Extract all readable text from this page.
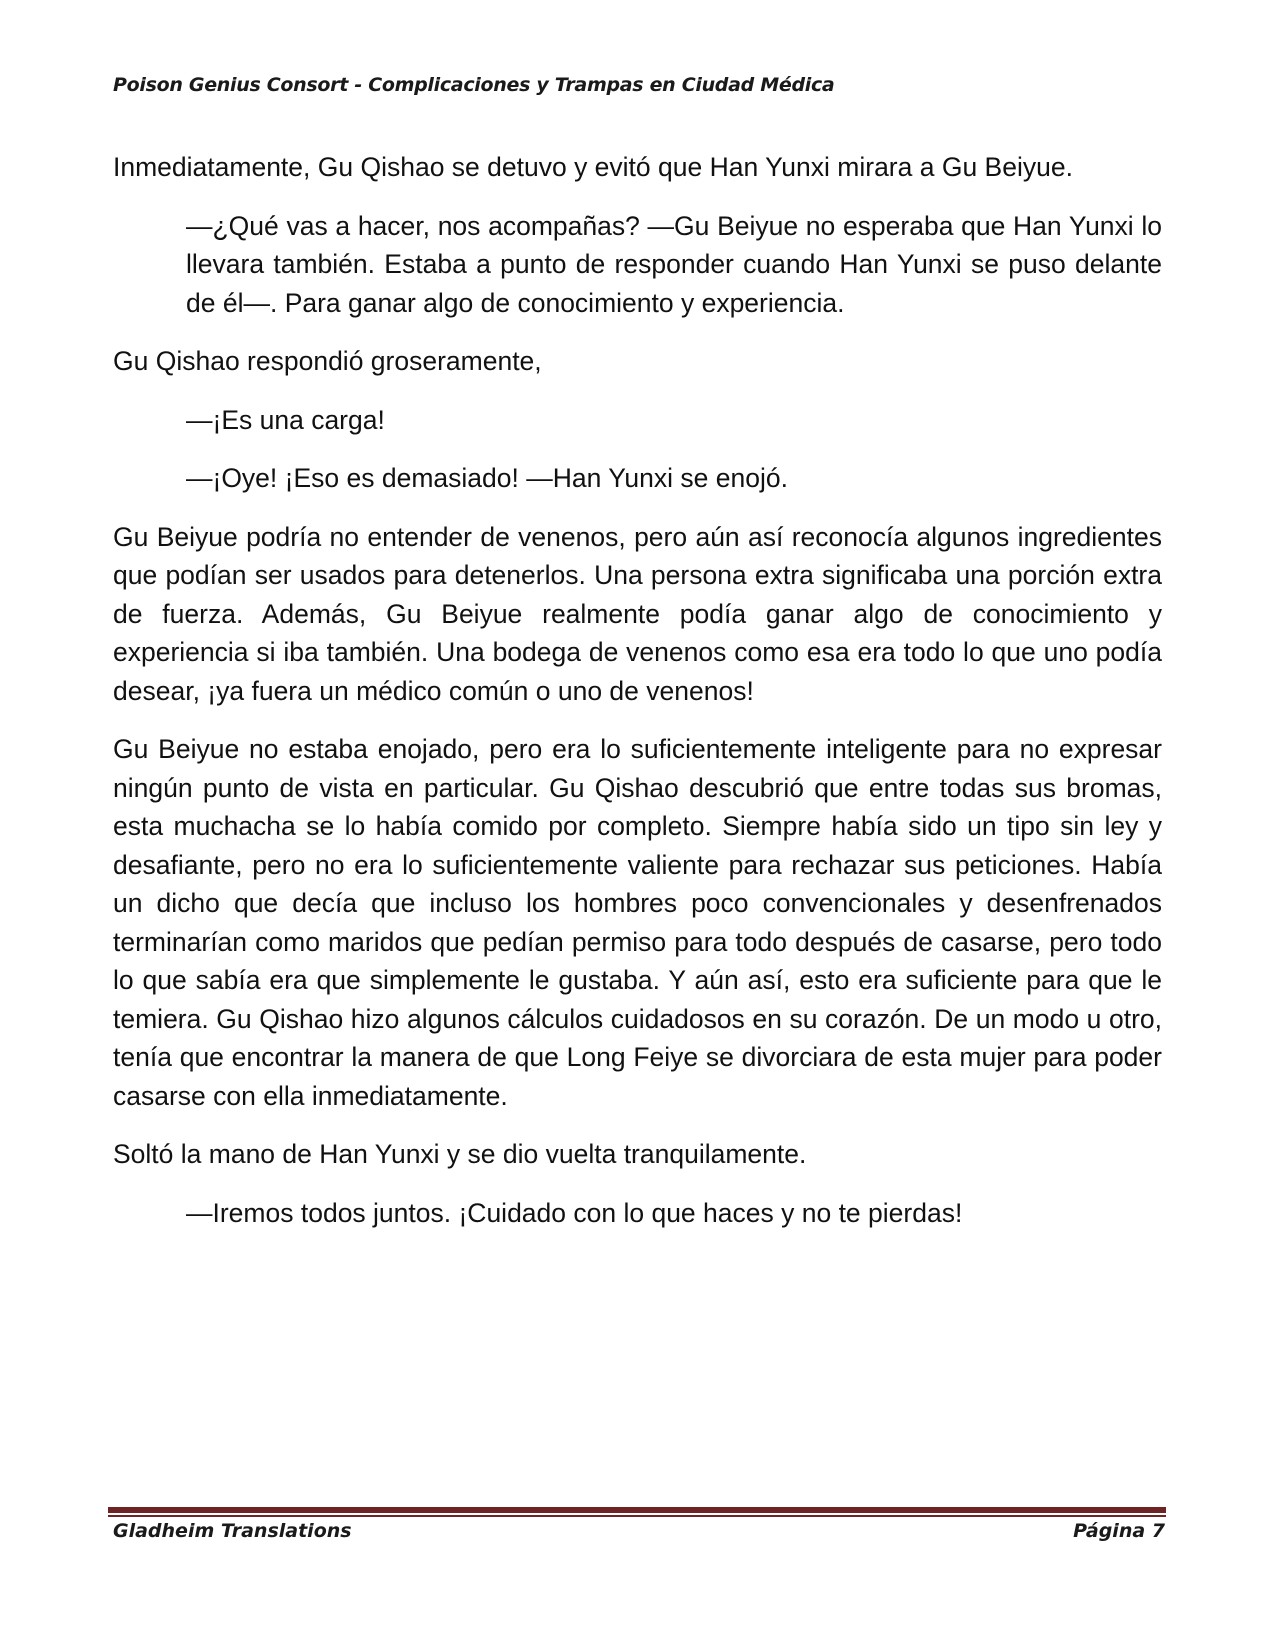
Poison Genius Consort - Complicaciones y Trampas en Ciudad Médica

Inmediatamente, Gu Qishao se detuvo y evitó que Han Yunxi mirara a Gu Beiyue.

—¿Qué vas a hacer, nos acompañas? —Gu Beiyue no esperaba que Han Yunxi lo llevara también. Estaba a punto de responder cuando Han Yunxi se puso delante de él—. Para ganar algo de conocimiento y experiencia.

Gu Qishao respondió groseramente,

—¡Es una carga!

—¡Oye! ¡Eso es demasiado! —Han Yunxi se enojó.

Gu Beiyue podría no entender de venenos, pero aún así reconocía algunos ingredientes que podían ser usados para detenerlos. Una persona extra significaba una porción extra de fuerza. Además, Gu Beiyue realmente podía ganar algo de conocimiento y experiencia si iba también. Una bodega de venenos como esa era todo lo que uno podía desear, ¡ya fuera un médico común o uno de venenos!

Gu Beiyue no estaba enojado, pero era lo suficientemente inteligente para no expresar ningún punto de vista en particular. Gu Qishao descubrió que entre todas sus bromas, esta muchacha se lo había comido por completo. Siempre había sido un tipo sin ley y desafiante, pero no era lo suficientemente valiente para rechazar sus peticiones. Había un dicho que decía que incluso los hombres poco convencionales y desenfrenados terminarían como maridos que pedían permiso para todo después de casarse, pero todo lo que sabía era que simplemente le gustaba. Y aún así, esto era suficiente para que le temiera. Gu Qishao hizo algunos cálculos cuidadosos en su corazón. De un modo u otro, tenía que encontrar la manera de que Long Feiye se divorciara de esta mujer para poder casarse con ella inmediatamente.

Soltó la mano de Han Yunxi y se dio vuelta tranquilamente.

—Iremos todos juntos. ¡Cuidado con lo que haces y no te pierdas!

Gladheim Translations	Página 7
